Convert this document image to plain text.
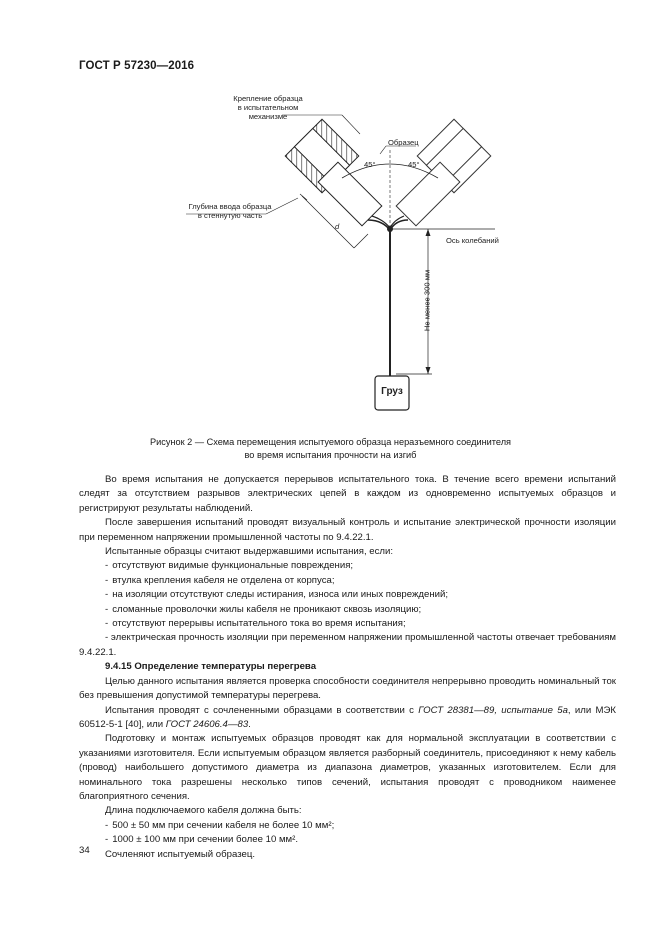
ГОСТ Р 57230—2016
Крепление образца
в испытательном
механизме
Образец
Глубина ввода образца
в стеннутую часть
45°	45°
d
Ось колебаний
Не менее 300 мм
Груз
Рисунок 2 — Схема перемещения испытуемого образца неразъемного соединителя
во время испытания прочности на изгиб

Во время испытания не допускается перерывов испытательного тока. В течение всего времени испытаний следят за отсутствием разрывов электрических цепей в каждом из одновременно испытуемых образцов и регистрируют результаты наблюдений.

После завершения испытаний проводят визуальный контроль и испытание электрической прочности изоляции при переменном напряжении промышленной частоты по 9.4.22.1.

Испытанные образцы считают выдержавшими испытания, если:

- отсутствуют видимые функциональные повреждения;

- втулка крепления кабеля не отделена от корпуса;

- на изоляции отсутствуют следы истирания, износа или иных повреждений;

- сломанные проволочки жилы кабеля не проникают сквозь изоляцию;

- отсутствуют перерывы испытательного тока во время испытания;

- электрическая прочность изоляции при переменном напряжении промышленной частоты отвечает требованиям 9.4.22.1.

9.4.15 Определение температуры перегрева

Целью данного испытания является проверка способности соединителя непрерывно проводить номинальный ток без превышения допустимой температуры перегрева.

Испытания проводят с сочлененными образцами в соответствии с ГОСТ 28381—89, испытание 5а, или МЭК 60512-5-1 [40], или ГОСТ 24606.4—83.

Подготовку и монтаж испытуемых образцов проводят как для нормальной эксплуатации в соответствии с указаниями изготовителя. Если испытуемым образцом является разборный соединитель, присоединяют к нему кабель (провод) наибольшего допустимого диаметра из диапазона диаметров, указанных изготовителем. Если для номинального тока разрешены несколько типов сечений, испытания проводят с проводником наименее благоприятного сечения.

Длина подключаемого кабеля должна быть:

- 500 ± 50 мм при сечении кабеля не более 10 мм²;

- 1000 ± 100 мм при сечении более 10 мм².

Сочленяют испытуемый образец.

34
